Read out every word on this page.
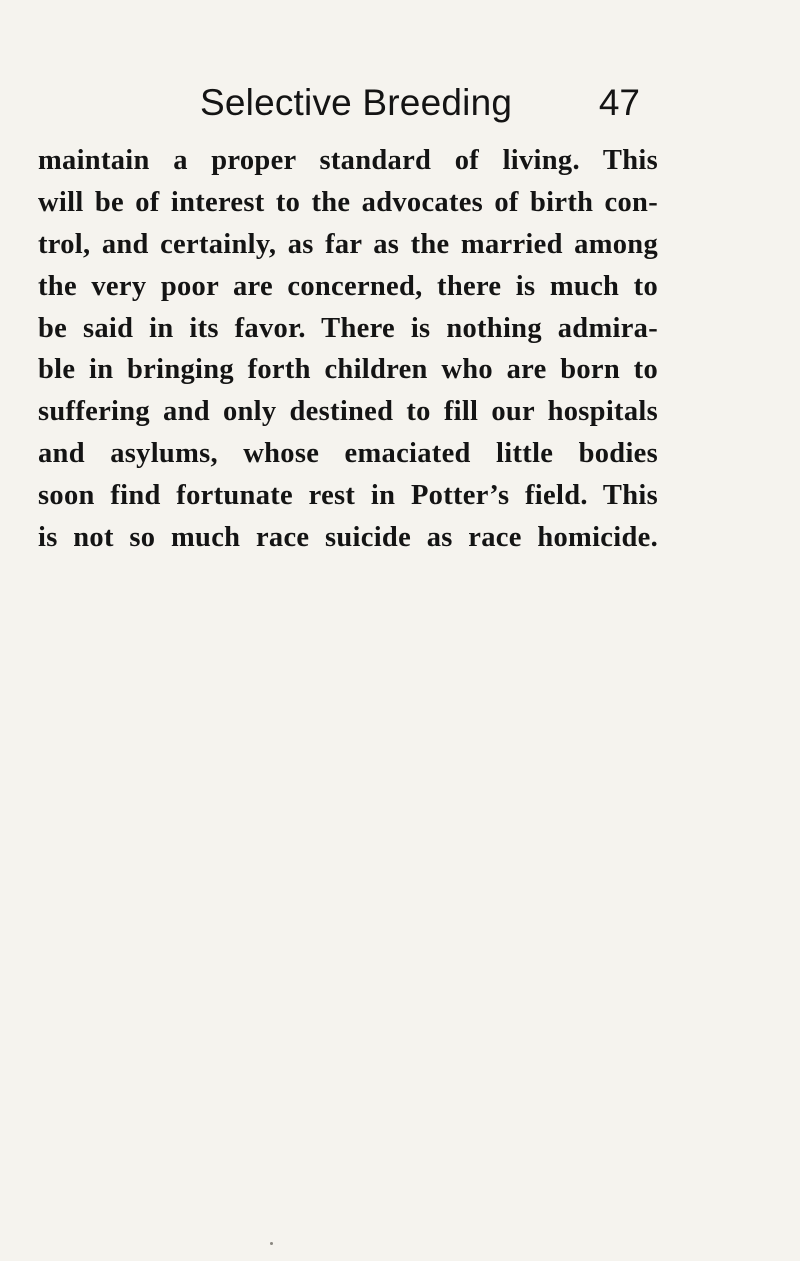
Selective Breeding 47
maintain a proper standard of living. This
will be of interest to the advocates of birth con-
trol, and certainly, as far as the married among
the very poor are concerned, there is much to
be said in its favor. There is nothing admira-
ble in bringing forth children who are born to
suffering and only destined to fill our hospitals
and asylums, whose emaciated little bodies
soon find fortunate rest in Potter’s field. This
is not so much race suicide as race homicide.
